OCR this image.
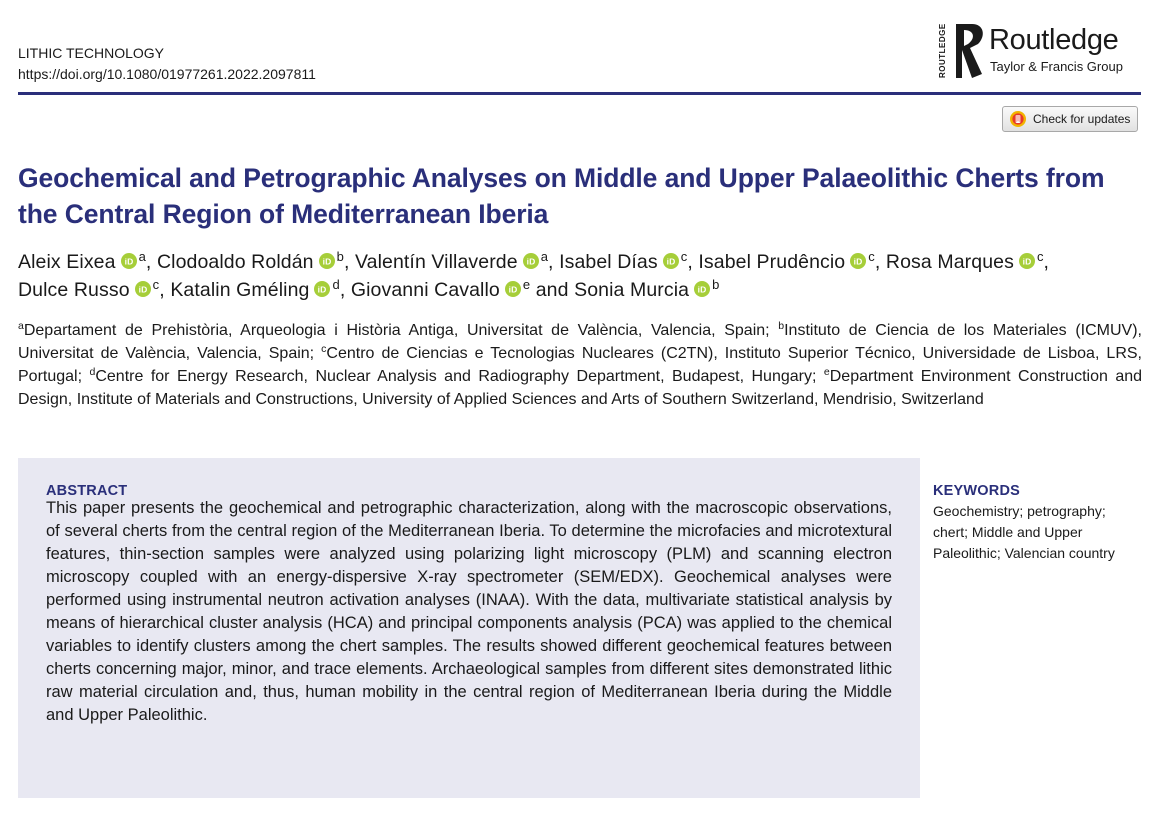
LITHIC TECHNOLOGY
https://doi.org/10.1080/01977261.2022.2097811	ROUTLEDGE Routledge
Taylor & Francis Group
Check for updates
Geochemical and Petrographic Analyses on Middle and Upper Palaeolithic Cherts from the Central Region of Mediterranean Iberia
Aleix Eixea iD $^a$, Clodoaldo Roldán iD $^b$, Valentín Villaverde iD $^a$, Isabel Días iD $^c$, Isabel Prudêncio iD $^c$, Rosa Marques iD $^c$, Dulce Russo iD $^c$, Katalin Gméling iD $^d$, Giovanni Cavallo iD $^e$ and Sonia Murcia iD $^b$
$^a$Departament de Prehistòria, Arqueologia i Història Antiga, Universitat de València, Valencia, Spain; $^b$Instituto de Ciencia de los Materiales (ICMUV), Universitat de València, Valencia, Spain; $^c$Centro de Ciencias e Tecnologias Nucleares (C2TN), Instituto Superior Técnico, Universidade de Lisboa, LRS, Portugal; $^d$Centre for Energy Research, Nuclear Analysis and Radiography Department, Budapest, Hungary; $^e$Department Environment Construction and Design, Institute of Materials and Constructions, University of Applied Sciences and Arts of Southern Switzerland, Mendrisio, Switzerland
ABSTRACT
This paper presents the geochemical and petrographic characterization, along with the macroscopic observations, of several cherts from the central region of the Mediterranean Iberia. To determine the microfacies and microtextural features, thin-section samples were analyzed using polarizing light microscopy (PLM) and scanning electron microscopy coupled with an energy-dispersive X-ray spectrometer (SEM/EDX). Geochemical analyses were performed using instrumental neutron activation analyses (INAA). With the data, multivariate statistical analysis by means of hierarchical cluster analysis (HCA) and principal components analysis (PCA) was applied to the chemical variables to identify clusters among the chert samples. The results showed different geochemical features between cherts concerning major, minor, and trace elements. Archaeological samples from different sites demonstrated lithic raw material circulation and, thus, human mobility in the central region of Mediterranean Iberia during the Middle and Upper Paleolithic.
KEYWORDS
Geochemistry; petrography; chert; Middle and Upper Paleolithic; Valencian country
